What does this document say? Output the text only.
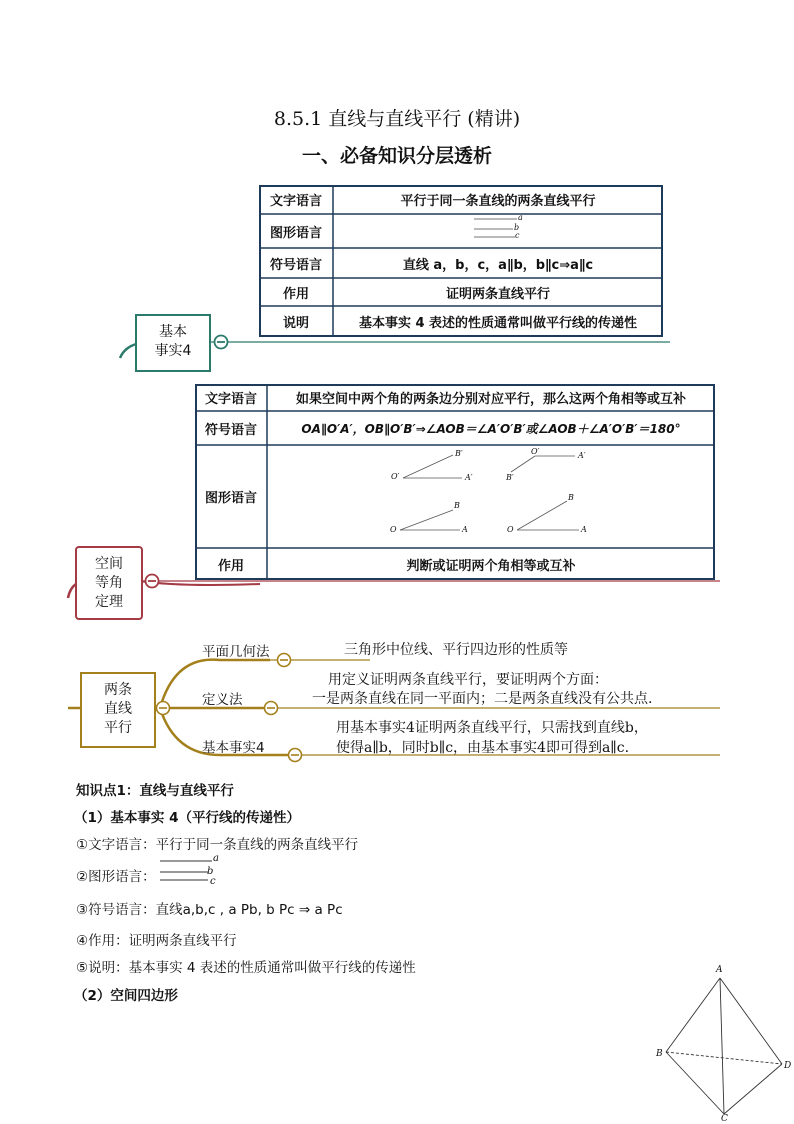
8.5.1 直线与直线平行 (精讲)
一、必备知识分层透析
a
b
c
文字语言	平行于同一条直线的两条直线平行
图形语言
符号语言	直线 a，b，c，a∥b，b∥c⇒a∥c
作用	证明两条直线平行
说明	基本事实 4 表述的性质通常叫做平行线的传递性
基本
事实4
O′	A′
B′	O′	A′
B′
O	A
B
O	A
B
文字语言	如果空间中两个角的两条边分别对应平行，那么这两个角相等或互补
符号语言	OA∥O′A′，OB∥O′B′⇒∠AOB＝∠A′O′B′或∠AOB＋∠A′O′B′＝180°
图形语言
作用	判断或证明两个角相等或互补
空间
等角
定理
两条
直线
平行
平面几何法	三角形中位线、平行四边形的性质等
定义法
用定义证明两条直线平行，要证明两个方面：
一是两条直线在同一平面内；二是两条直线没有公共点.
基本事实4
用基本事实4证明两条直线平行，只需找到直线b，
使得a∥b，同时b∥c，由基本事实4即可得到a∥c.
知识点1：直线与直线平行
（1）基本事实 4（平行线的传递性）
①文字语言：平行于同一条直线的两条直线平行
②图形语言：
a
b
c
③符号语言：直线a,b,c , a Pb, b Pc ⇒ a Pc
④作用：证明两条直线平行
⑤说明：基本事实 4 表述的性质通常叫做平行线的传递性
（2）空间四边形
A
B
D
C
